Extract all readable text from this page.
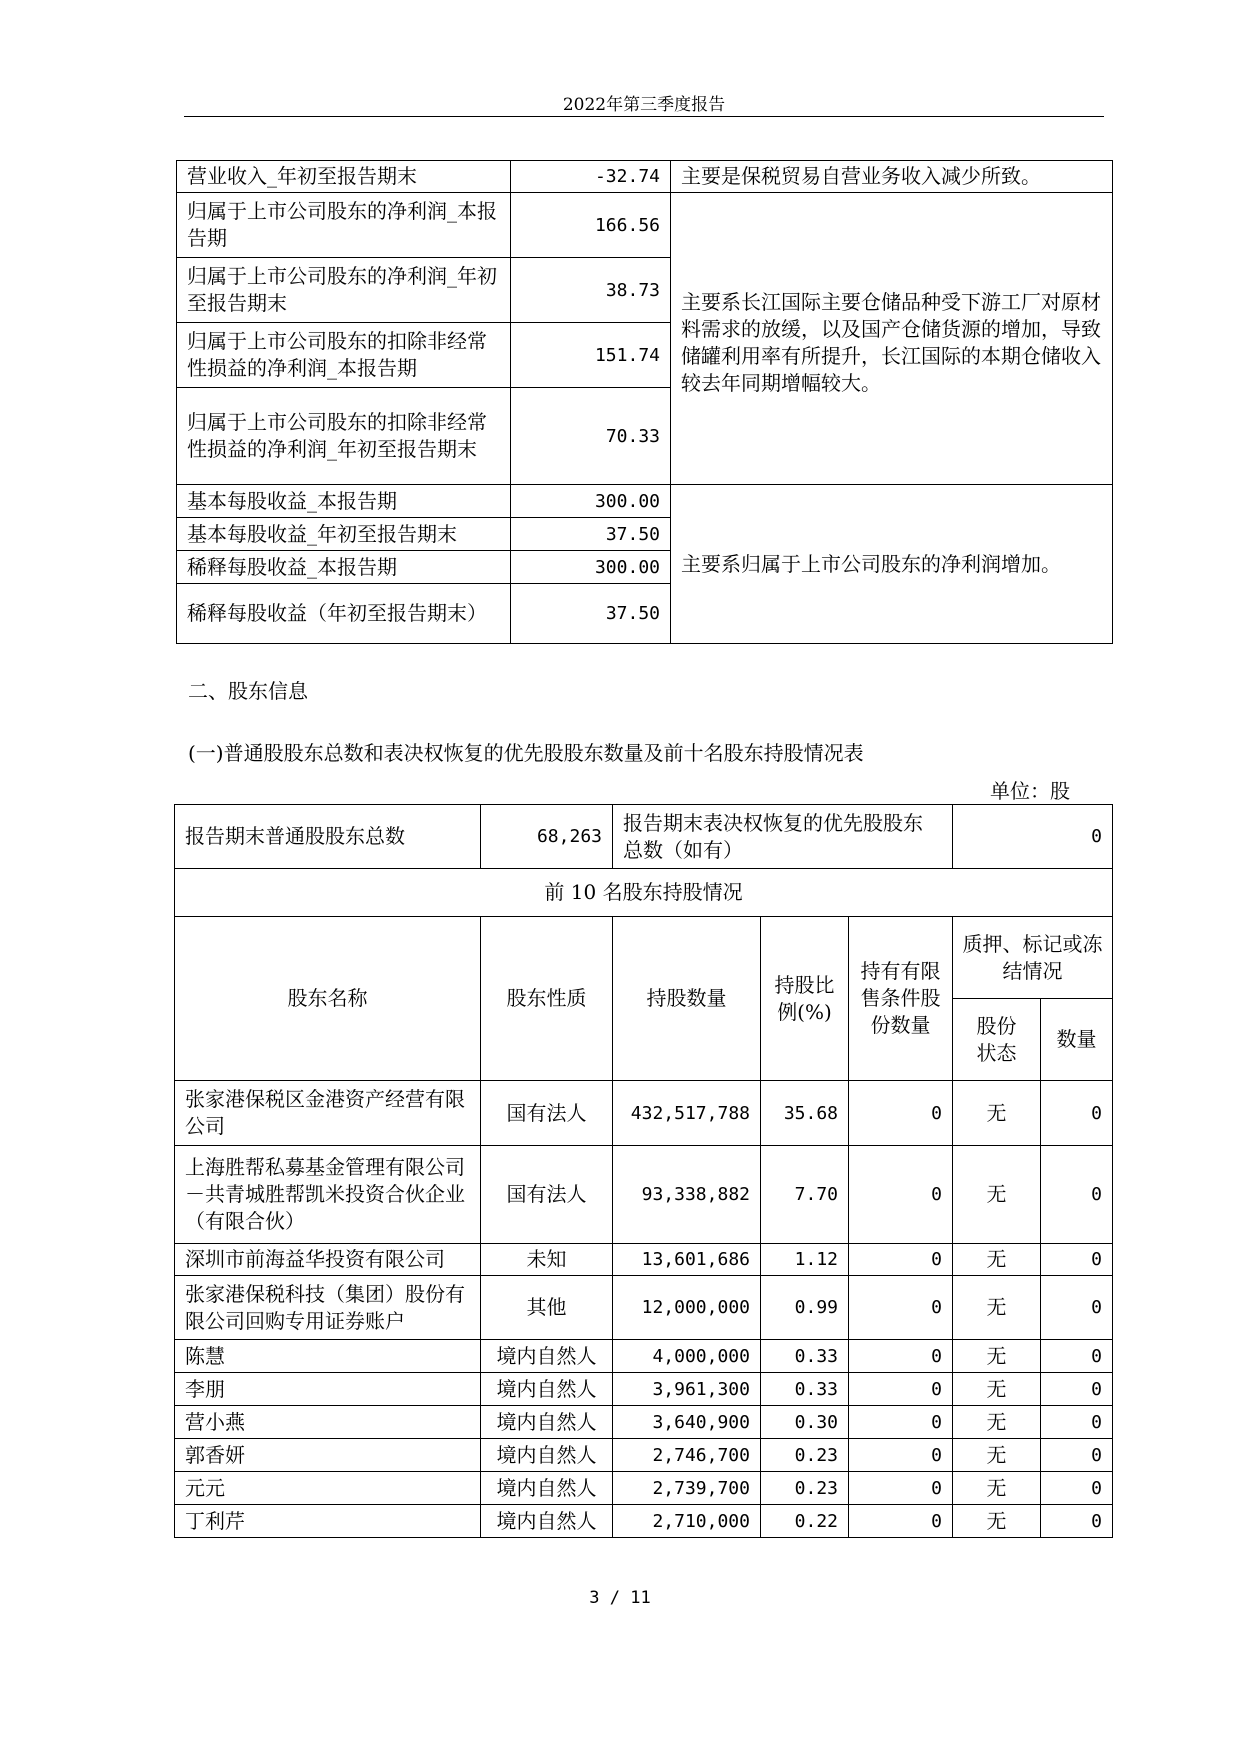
2022年第三季度报告
营业收入_年初至报告期末	-32.74	主要是保税贸易自营业务收入减少所致。
归属于上市公司股东的净利润_本报告期	166.56	主要系长江国际主要仓储品种受下游工厂对原材料需求的放缓，以及国产仓储货源的增加，导致储罐利用率有所提升，长江国际的本期仓储收入较去年同期增幅较大。
归属于上市公司股东的净利润_年初至报告期末	38.73	
归属于上市公司股东的扣除非经常性损益的净利润_本报告期	151.74	
归属于上市公司股东的扣除非经常性损益的净利润_年初至报告期末	70.33	
基本每股收益_本报告期	300.00	主要系归属于上市公司股东的净利润增加。
基本每股收益_年初至报告期末	37.50	
稀释每股收益_本报告期	300.00	
稀释每股收益（年初至报告期末）	37.50	
二、股东信息
(一)普通股股东总数和表决权恢复的优先股股东数量及前十名股东持股情况表
单位：股
报告期末普通股股东总数	68,263	报告期末表决权恢复的优先股股东总数（如有）			0	
前 10 名股东持股情况						
股东名称	股东性质	持股数量	持股比例(%)	持有有限售条件股份数量	质押、标记或冻结情况	
					股份状态	数量
张家港保税区金港资产经营有限公司	国有法人	432,517,788	35.68	0	无	0
上海胜帮私募基金管理有限公司－共青城胜帮凯米投资合伙企业（有限合伙）	国有法人	93,338,882	7.70	0	无	0
深圳市前海益华投资有限公司	未知	13,601,686	1.12	0	无	0
张家港保税科技（集团）股份有限公司回购专用证券账户	其他	12,000,000	0.99	0	无	0
陈慧	境内自然人	4,000,000	0.33	0	无	0
李朋	境内自然人	3,961,300	0.33	0	无	0
营小燕	境内自然人	3,640,900	0.30	0	无	0
郭香妍	境内自然人	2,746,700	0.23	0	无	0
元元	境内自然人	2,739,700	0.23	0	无	0
丁利芹	境内自然人	2,710,000	0.22	0	无	0
3 / 11
